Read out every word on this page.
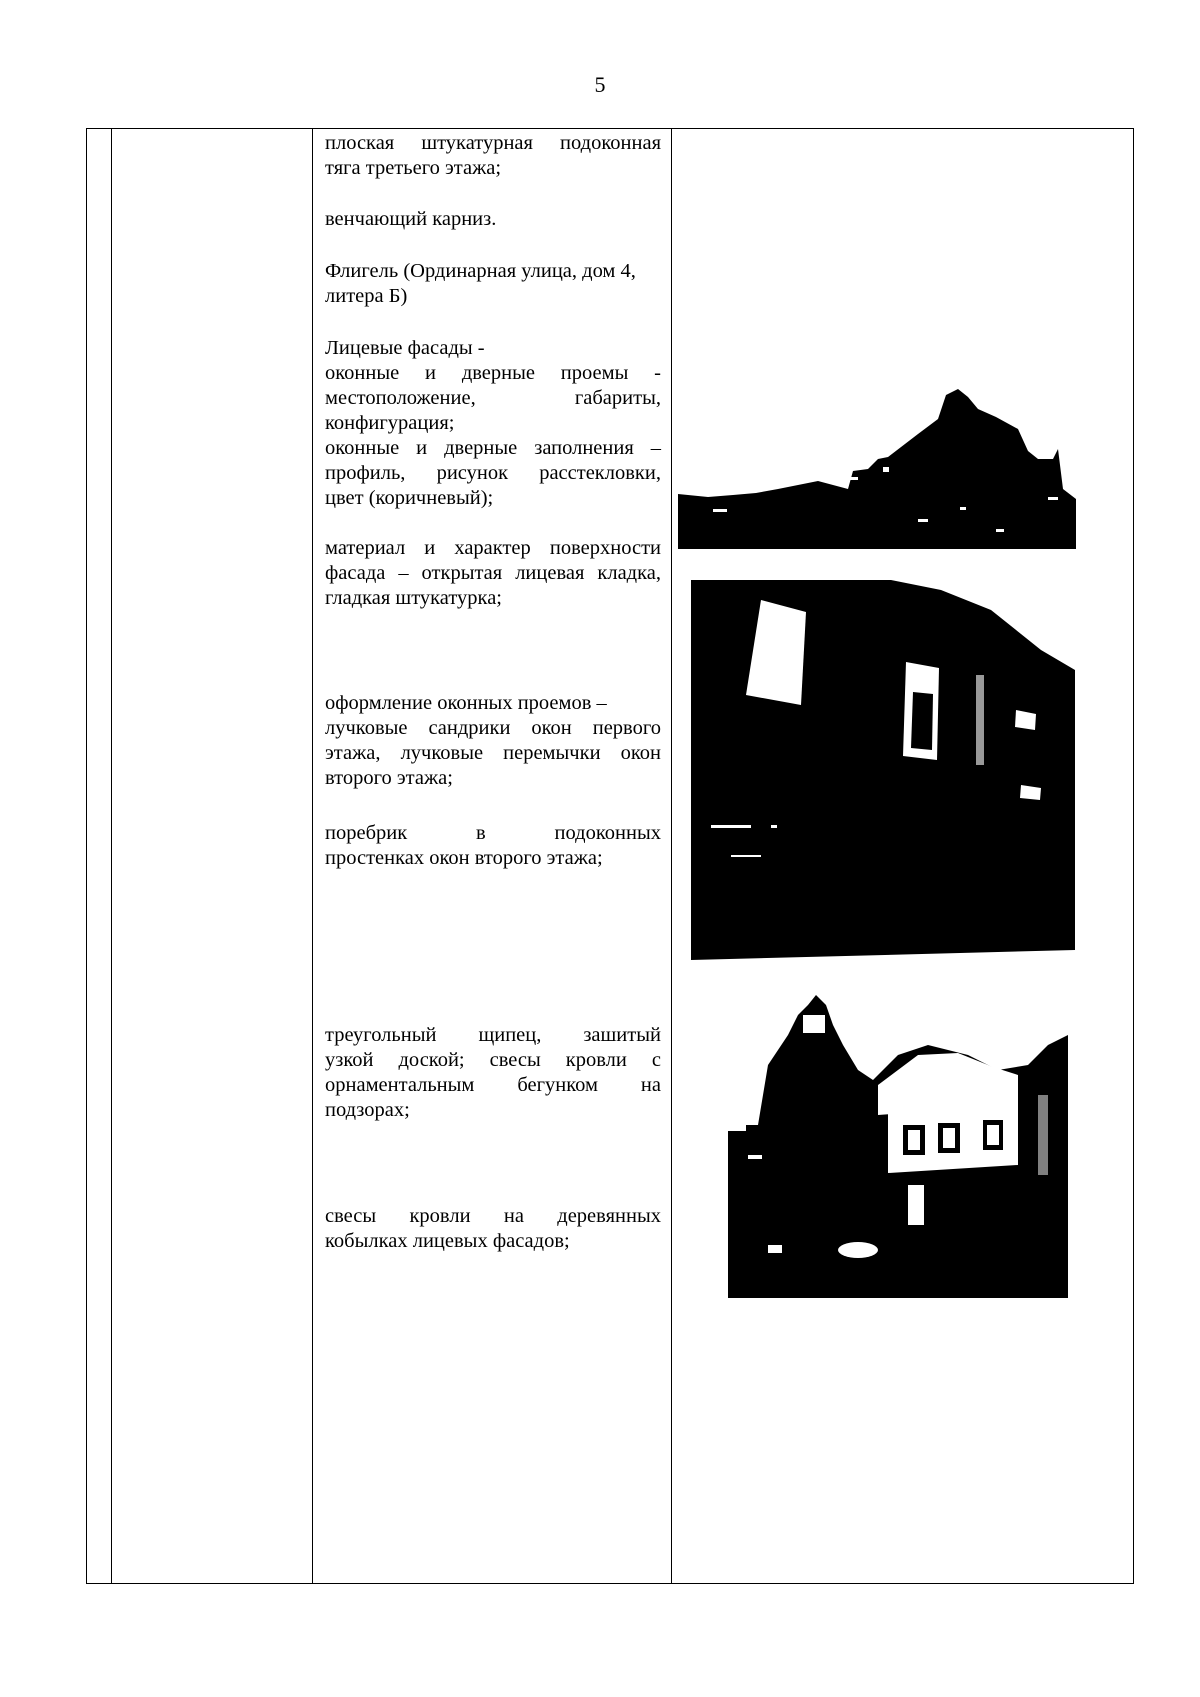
5
плоская штукатурная подоконная
тяга третьего этажа;
венчающий карниз.
Флигель (Ординарная улица, дом 4,
литера Б)
Лицевые фасады -
оконные и дверные проемы -
местоположение,	габариты,
конфигурация;
оконные и дверные заполнения –
профиль, рисунок расстекловки,
цвет (коричневый);
материал и характер поверхности
фасада – открытая лицевая кладка,
гладкая штукатурка;
оформление оконных проемов –
лучковые сандрики окон первого
этажа, лучковые перемычки окон
второго этажа;
поребрик	в	подоконных
простенках окон второго этажа;
треугольный щипец, зашитый
узкой доской; свесы кровли с
орнаментальным бегунком на
подзорах;
свесы кровли на деревянных
кобылках лицевых фасадов;
